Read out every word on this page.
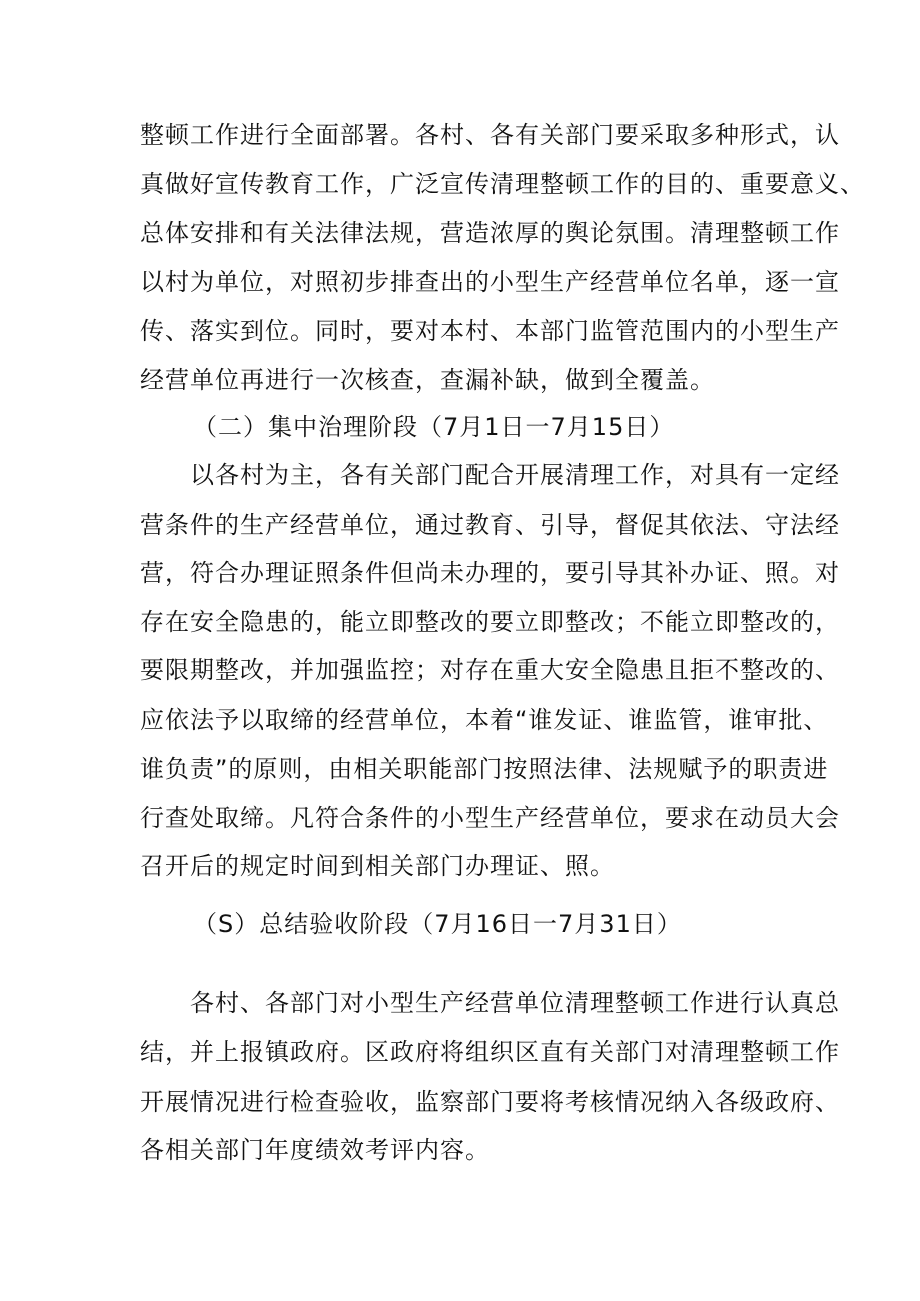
整顿工作进行全面部署。各村、各有关部门要采取多种形式，认
真做好宣传教育工作，广泛宣传清理整顿工作的目的、重要意义、
总体安排和有关法律法规，营造浓厚的舆论氛围。清理整顿工作
以村为单位，对照初步排查出的小型生产经营单位名单，逐一宣
传、落实到位。同时，要对本村、本部门监管范围内的小型生产
经营单位再进行一次核查，查漏补缺，做到全覆盖。
（二）集中治理阶段（7月1日一7月15日）
以各村为主，各有关部门配合开展清理工作，对具有一定经
营条件的生产经营单位，通过教育、引导，督促其依法、守法经
营，符合办理证照条件但尚未办理的，要引导其补办证、照。对
存在安全隐患的，能立即整改的要立即整改；不能立即整改的，
要限期整改，并加强监控；对存在重大安全隐患且拒不整改的、
应依法予以取缔的经营单位，本着“谁发证、谁监管，谁审批、
谁负责”的原则，由相关职能部门按照法律、法规赋予的职责进
行查处取缔。凡符合条件的小型生产经营单位，要求在动员大会
召开后的规定时间到相关部门办理证、照。
（S）总结验收阶段（7月16日一7月31日）
各村、各部门对小型生产经营单位清理整顿工作进行认真总
结，并上报镇政府。区政府将组织区直有关部门对清理整顿工作
开展情况进行检查验收，监察部门要将考核情况纳入各级政府、
各相关部门年度绩效考评内容。
